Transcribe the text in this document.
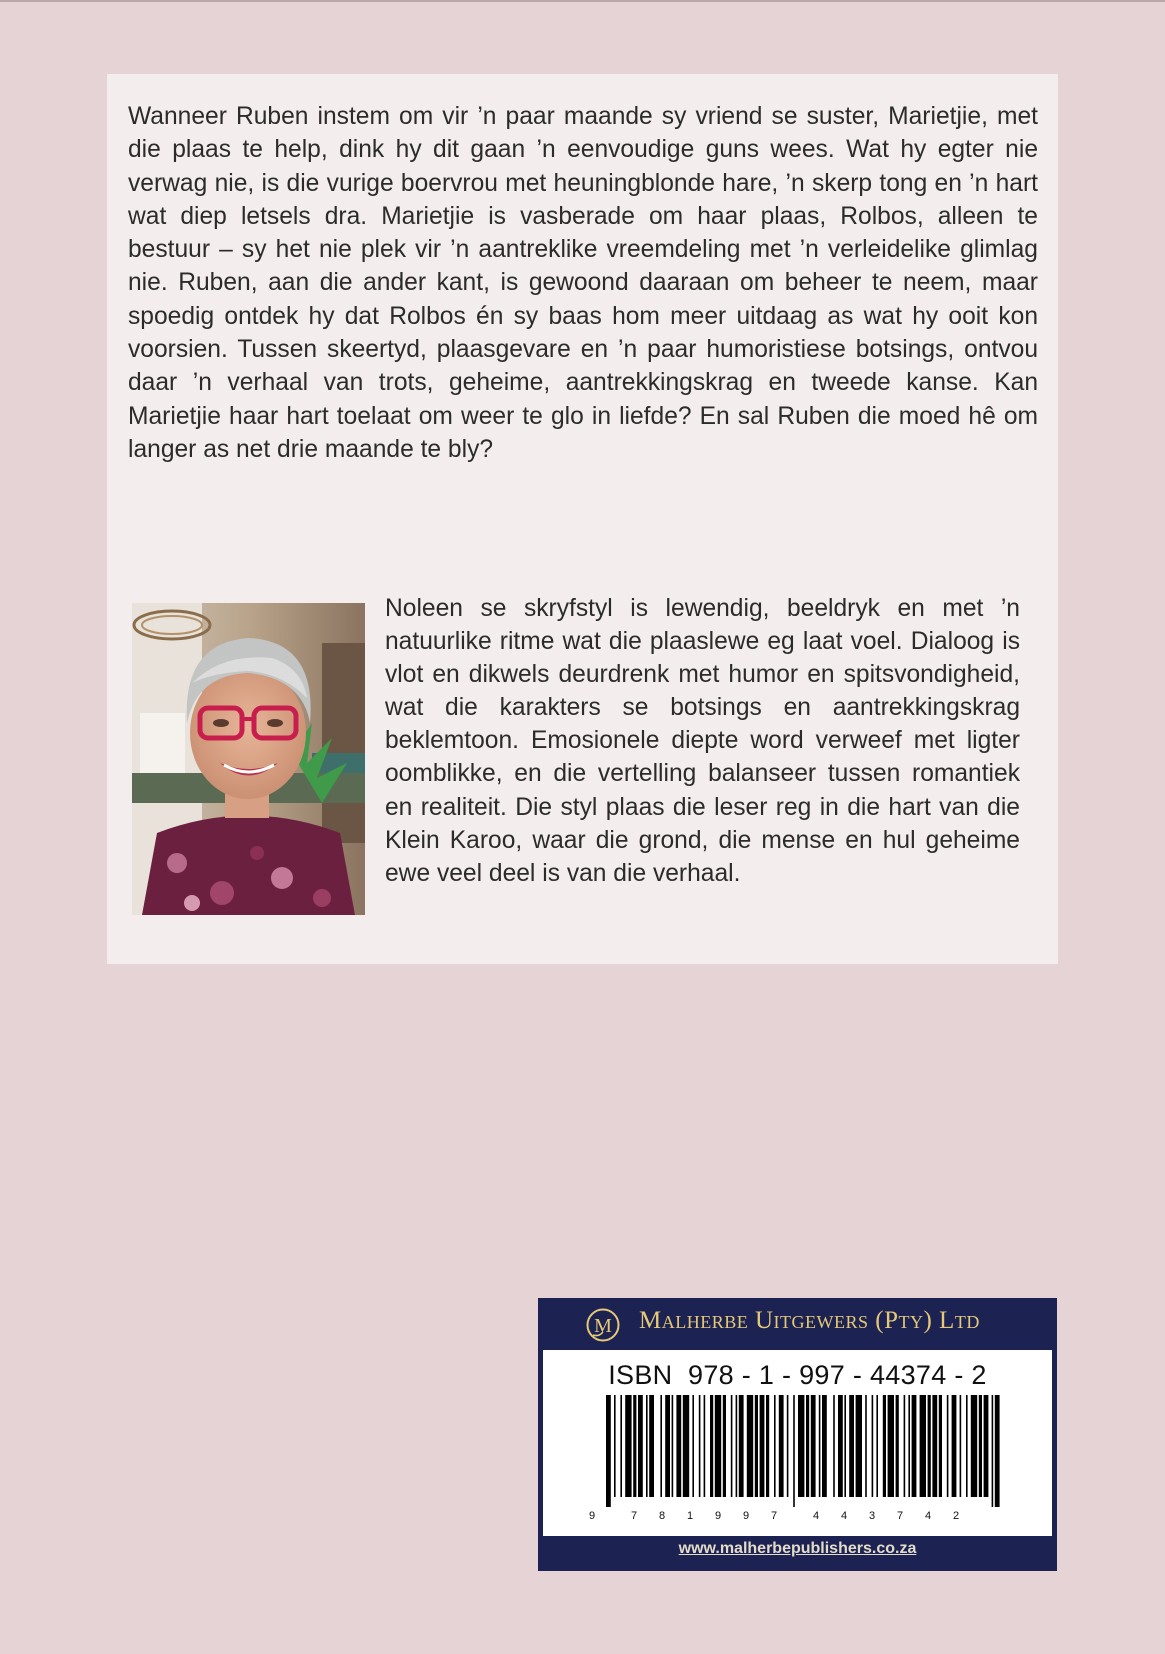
Wanneer Ruben instem om vir ’n paar maande sy vriend se suster, Marietjie, met die plaas te help, dink hy dit gaan ’n eenvoudige guns wees. Wat hy egter nie verwag nie, is die vurige boervrou met heuningblonde hare, ’n skerp tong en ’n hart wat diep letsels dra. Marietjie is vasberade om haar plaas, Rolbos, alleen te bestuur – sy het nie plek vir ’n aantreklike vreemdeling met ’n verleidelike glimlag nie. Ruben, aan die ander kant, is gewoond daaraan om beheer te neem, maar spoedig ontdek hy dat Rolbos én sy baas hom meer uitdaag as wat hy ooit kon voorsien. Tussen skeertyd, plaasgevare en ’n paar humoristiese botsings, ontvou daar ’n verhaal van trots, geheime, aantrekkingskrag en tweede kanse. Kan Marietjie haar hart toelaat om weer te glo in liefde? En sal Ruben die moed hê om langer as net drie maande te bly?

Noleen se skryfstyl is lewendig, beeldryk en met ’n natuurlike ritme wat die plaaslewe eg laat voel. Dialoog is vlot en dikwels deurdrenk met humor en spitsvondigheid, wat die karakters se botsings en aantrekkingskrag beklemtoon. Emosionele diepte word verweef met ligter oomblikke, en die vertelling balanseer tussen romantiek en realiteit. Die styl plaas die leser reg in die hart van die Klein Karoo, waar die grond, die mense en hul geheime ewe veel deel is van die verhaal.

M Malherbe Uitgewers (Pty) Ltd
ISBN  978 - 1 - 997 - 44374 - 2
9	7 8 1 9 9 7	4 4 3 7 4 2
www.malherbepublishers.co.za
